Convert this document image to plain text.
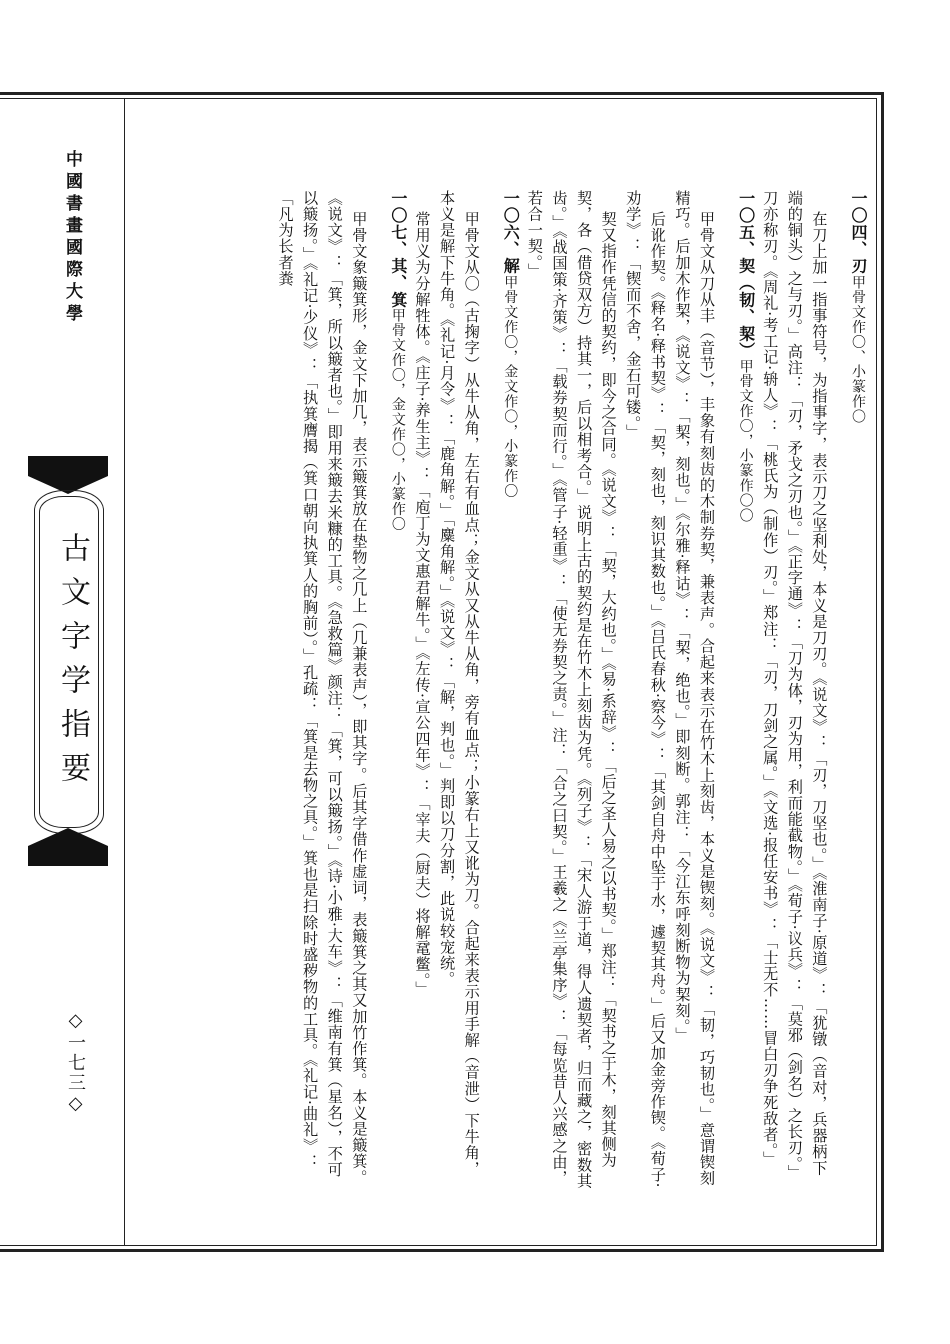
中國書畫國際大學
古文字学指要
◇一七三◇

一〇四、刃甲骨文作〇、小篆作〇

在刀上加一指事符号，为指事字，表示刀之坚利处，本义是刀刃。《说文》：「刃，刀坚也。」《淮南子·原道》：「犹镦（音对，兵器柄下端的铜头）之与刃。」高注：「刃，矛戈之刃也。」《正字通》：「刀为体，刃为用，利而能截物。」《荀子·议兵》：「莫邪（剑名）之长刃。」刀亦称刃。《周礼·考工记·辀人》：「桃氏为（制作）刃。」郑注：「刃，刀剑之属。」《文选·报任安书》：「士无不……冒白刃争死敌者。」

一〇五、契（韧、栔）甲骨文作〇，小篆作〇〇

甲骨文从刀从丰（音节），丰象有刻齿的木制券契，兼表声。合起来表示在竹木上刻齿，本义是锲刻。《说文》：「韧，巧韧也。」意谓锲刻精巧。后加木作栔，《说文》：「栔，刻也。」《尔雅·释诂》：「栔，绝也。」即刻断。郭注：「今江东呼刻断物为栔刻。」

后讹作契。《释名·释书契》：「契，刻也，刻识其数也。」《吕氏春秋·察今》：「其剑自舟中坠于水，遽契其舟。」后又加金旁作锲。《荀子·劝学》：「锲而不舍，金石可镂。」

契又指作凭信的契约，即今之合同。《说文》：「契，大约也。」《易·系辞》：「后之圣人易之以书契。」郑注：「契书之于木，刻其侧为契，各（借贷双方）持其一，后以相考合。」说明上古的契约是在竹木上刻齿为凭。《列子》：「宋人游于道，得人遗契者，归而藏之，密数其齿。」《战国策·齐策》：「载券契而行。」《管子·轻重》：「使无券契之责。」注：「合之曰契。」王羲之《兰亭集序》：「每览昔人兴感之由，若合一契。」

一〇六、解甲骨文作〇，金文作〇，小篆作〇

甲骨文从〇（古掬字）从牛从角，左右有血点；金文从又从牛从角，旁有血点；小篆右上又讹为刀。合起来表示用手解（音泄）下牛角，本义是解下牛角。《礼记·月令》：「鹿角解。」「麋角解。」《说文》：「解，判也。」判即以刀分割，此说较宠统。

常用义为分解牲体。《庄子·养生主》：「庖丁为文惠君解牛。」《左传·宣公四年》：「宰夫（厨夫）将解鼋鳖。」

一〇七、其、箕甲骨文作〇，金文作〇，小篆作〇

甲骨文象簸箕形，金文下加几，表示簸箕放在垫物之几上（几兼表声），即其字。后其字借作虚词，表簸箕之其又加竹作箕。本义是簸箕。《说文》：「箕，所以簸者也。」即用来簸去米糠的工具。《急救篇》颜注：「箕，可以簸扬。」《诗·小雅·大车》：「维南有箕（星名），不可以簸扬。」《礼记·少仪》：「执箕膺揭（箕口朝向执箕人的胸前）。」孔疏：「箕是去物之具。」箕也是扫除时盛秽物的工具。《礼记·曲礼》：「凡为长者粪
